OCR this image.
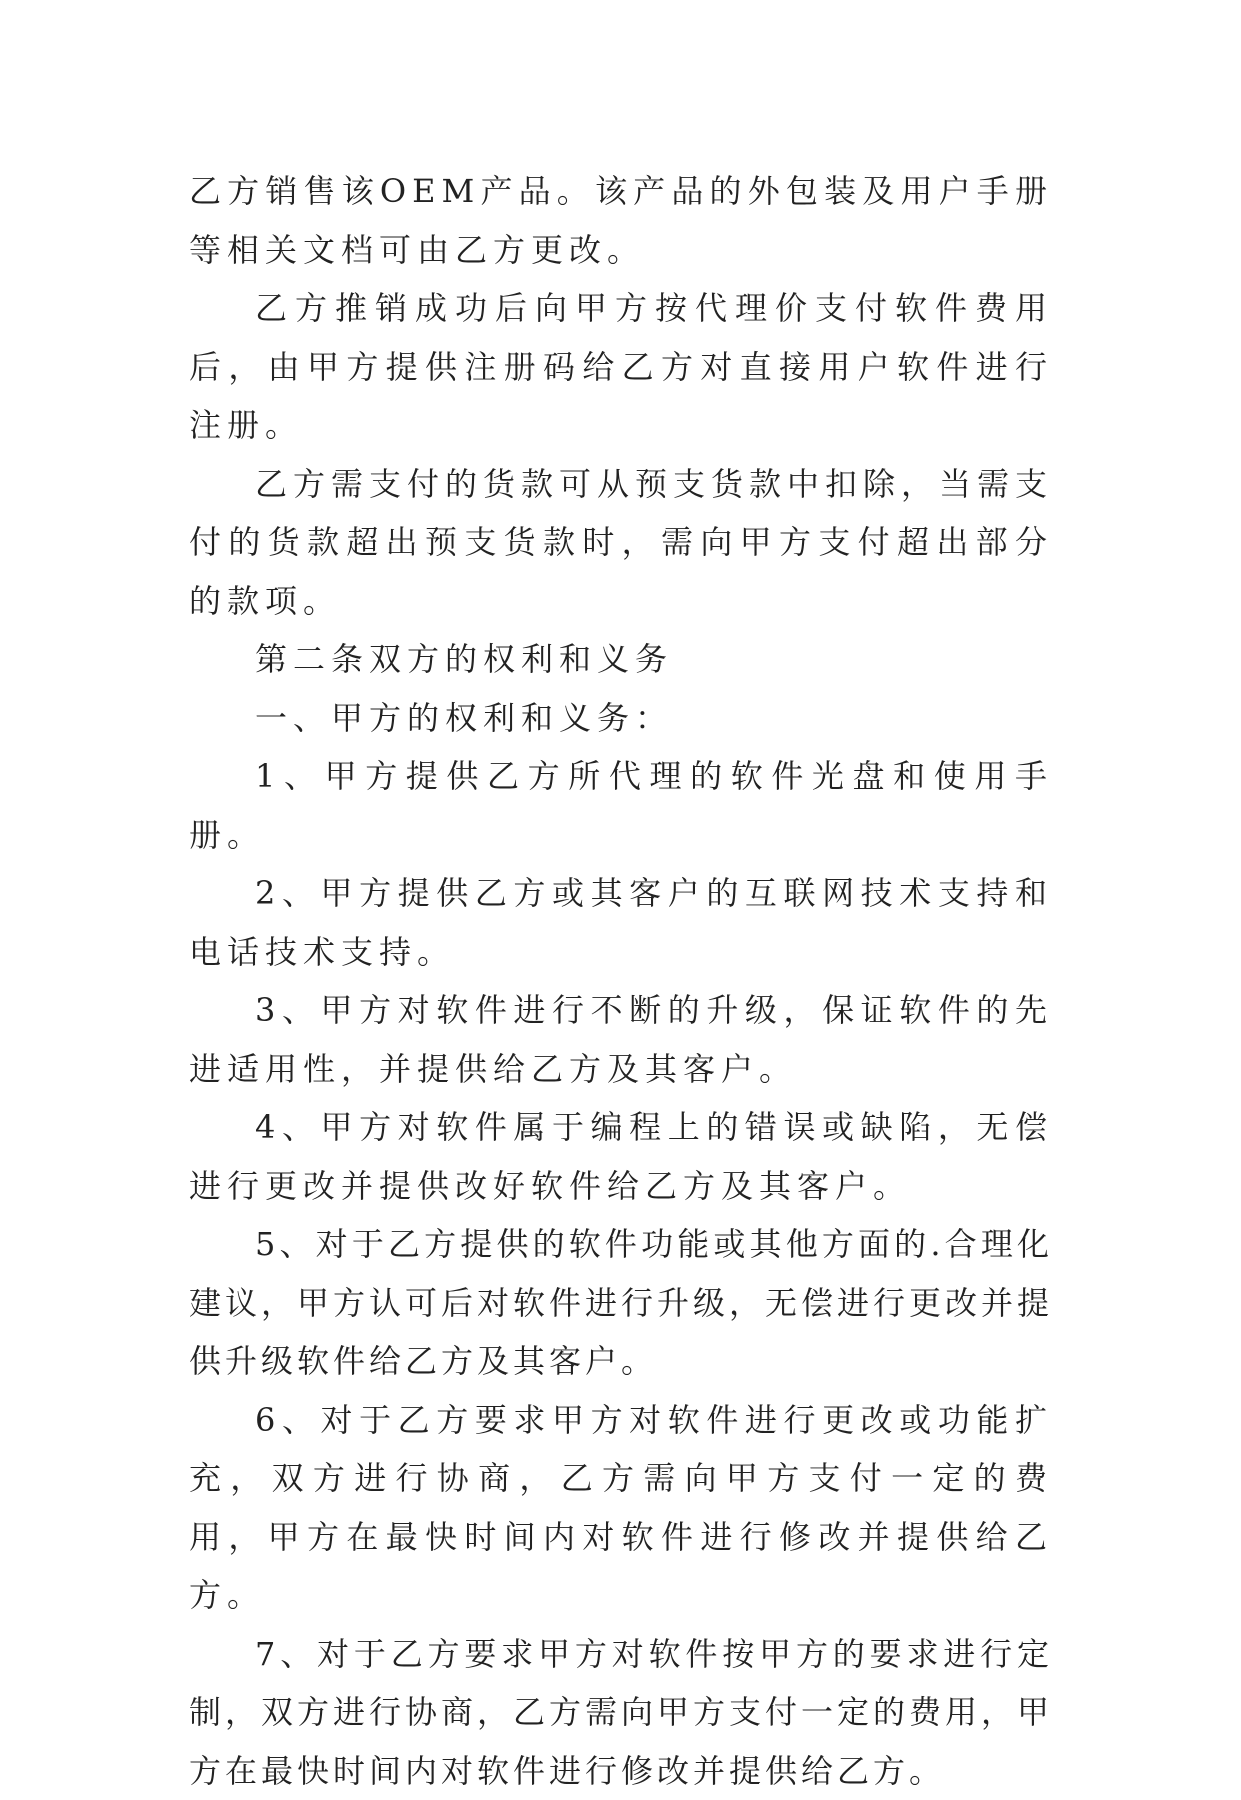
乙方销售该OEM产品。该产品的外包装及用户手册等相关文档可由乙方更改。

乙方推销成功后向甲方按代理价支付软件费用后，由甲方提供注册码给乙方对直接用户软件进行注册。

乙方需支付的货款可从预支货款中扣除，当需支付的货款超出预支货款时，需向甲方支付超出部分的款项。

第二条双方的权利和义务

一、甲方的权利和义务：

1、甲方提供乙方所代理的软件光盘和使用手册。

2、甲方提供乙方或其客户的互联网技术支持和电话技术支持。

3、甲方对软件进行不断的升级，保证软件的先进适用性，并提供给乙方及其客户。

4、甲方对软件属于编程上的错误或缺陷，无偿进行更改并提供改好软件给乙方及其客户。

5、对于乙方提供的软件功能或其他方面的.合理化建议，甲方认可后对软件进行升级，无偿进行更改并提供升级软件给乙方及其客户。

6、对于乙方要求甲方对软件进行更改或功能扩充，双方进行协商，乙方需向甲方支付一定的费用，甲方在最快时间内对软件进行修改并提供给乙方。

7、对于乙方要求甲方对软件按甲方的要求进行定制，双方进行协商，乙方需向甲方支付一定的费用，甲方在最快时间内对软件进行修改并提供给乙方。
